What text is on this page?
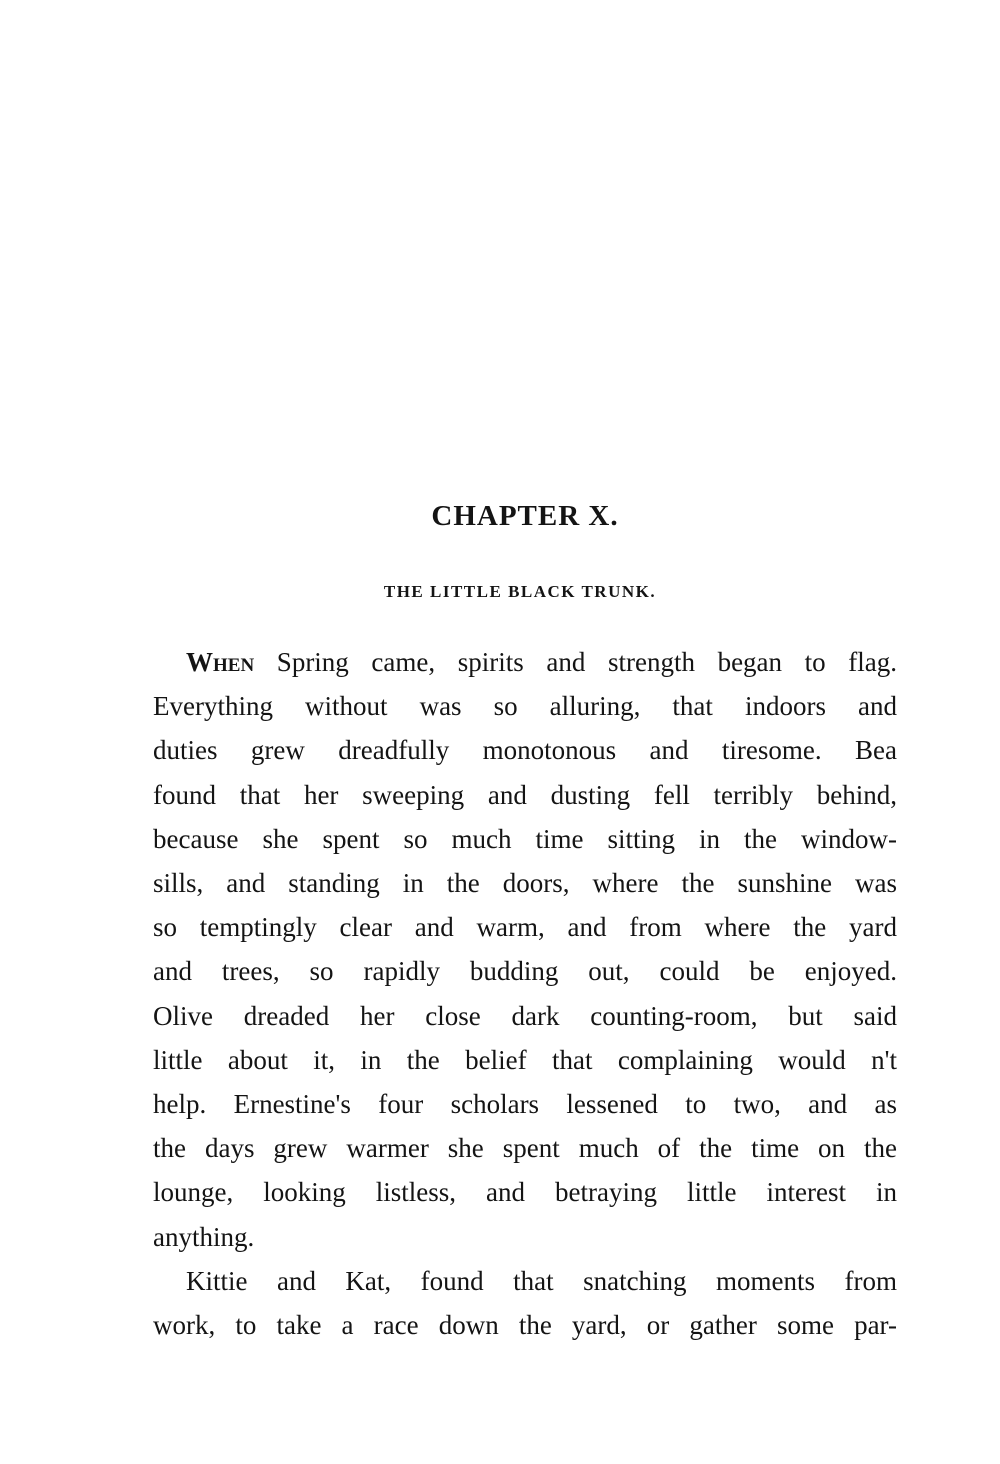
CHAPTER X.
THE LITTLE BLACK TRUNK.
When Spring came, spirits and strength began to flag.
Everything without was so alluring, that indoors and
duties grew dreadfully monotonous and tiresome. Bea
found that her sweeping and dusting fell terribly behind,
because she spent so much time sitting in the window-
sills, and standing in the doors, where the sunshine was
so temptingly clear and warm, and from where the yard
and trees, so rapidly budding out, could be enjoyed.
Olive dreaded her close dark counting-room, but said
little about it, in the belief that complaining would n't
help. Ernestine's four scholars lessened to two, and as
the days grew warmer she spent much of the time on the
lounge, looking listless, and betraying little interest in
anything.
Kittie and Kat, found that snatching moments from
work, to take a race down the yard, or gather some par-
